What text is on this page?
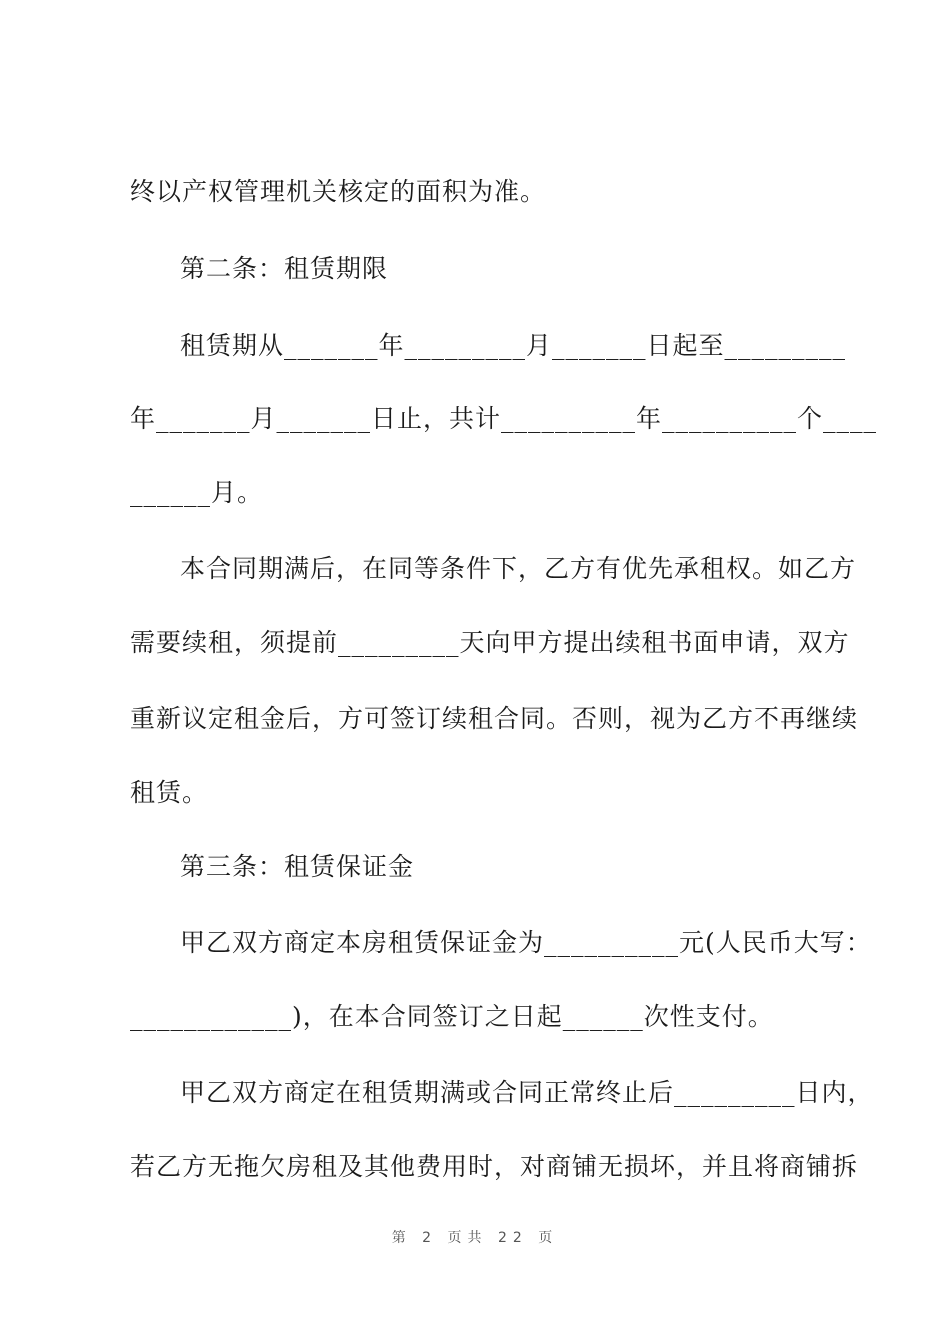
终以产权管理机关核定的面积为准。
第二条：租赁期限
租赁期从_______年_________月_______日起至_________
年_______月_______日止，共计__________年__________个____
______月。
本合同期满后，在同等条件下，乙方有优先承租权。如乙方
需要续租，须提前_________天向甲方提出续租书面申请，双方
重新议定租金后，方可签订续租合同。否则，视为乙方不再继续
租赁。
第三条：租赁保证金
甲乙双方商定本房租赁保证金为__________元(人民币大写：
____________)，在本合同签订之日起______次性支付。
甲乙双方商定在租赁期满或合同正常终止后_________日内，
若乙方无拖欠房租及其他费用时，对商铺无损坏，并且将商铺拆
第 2 页共 22 页
